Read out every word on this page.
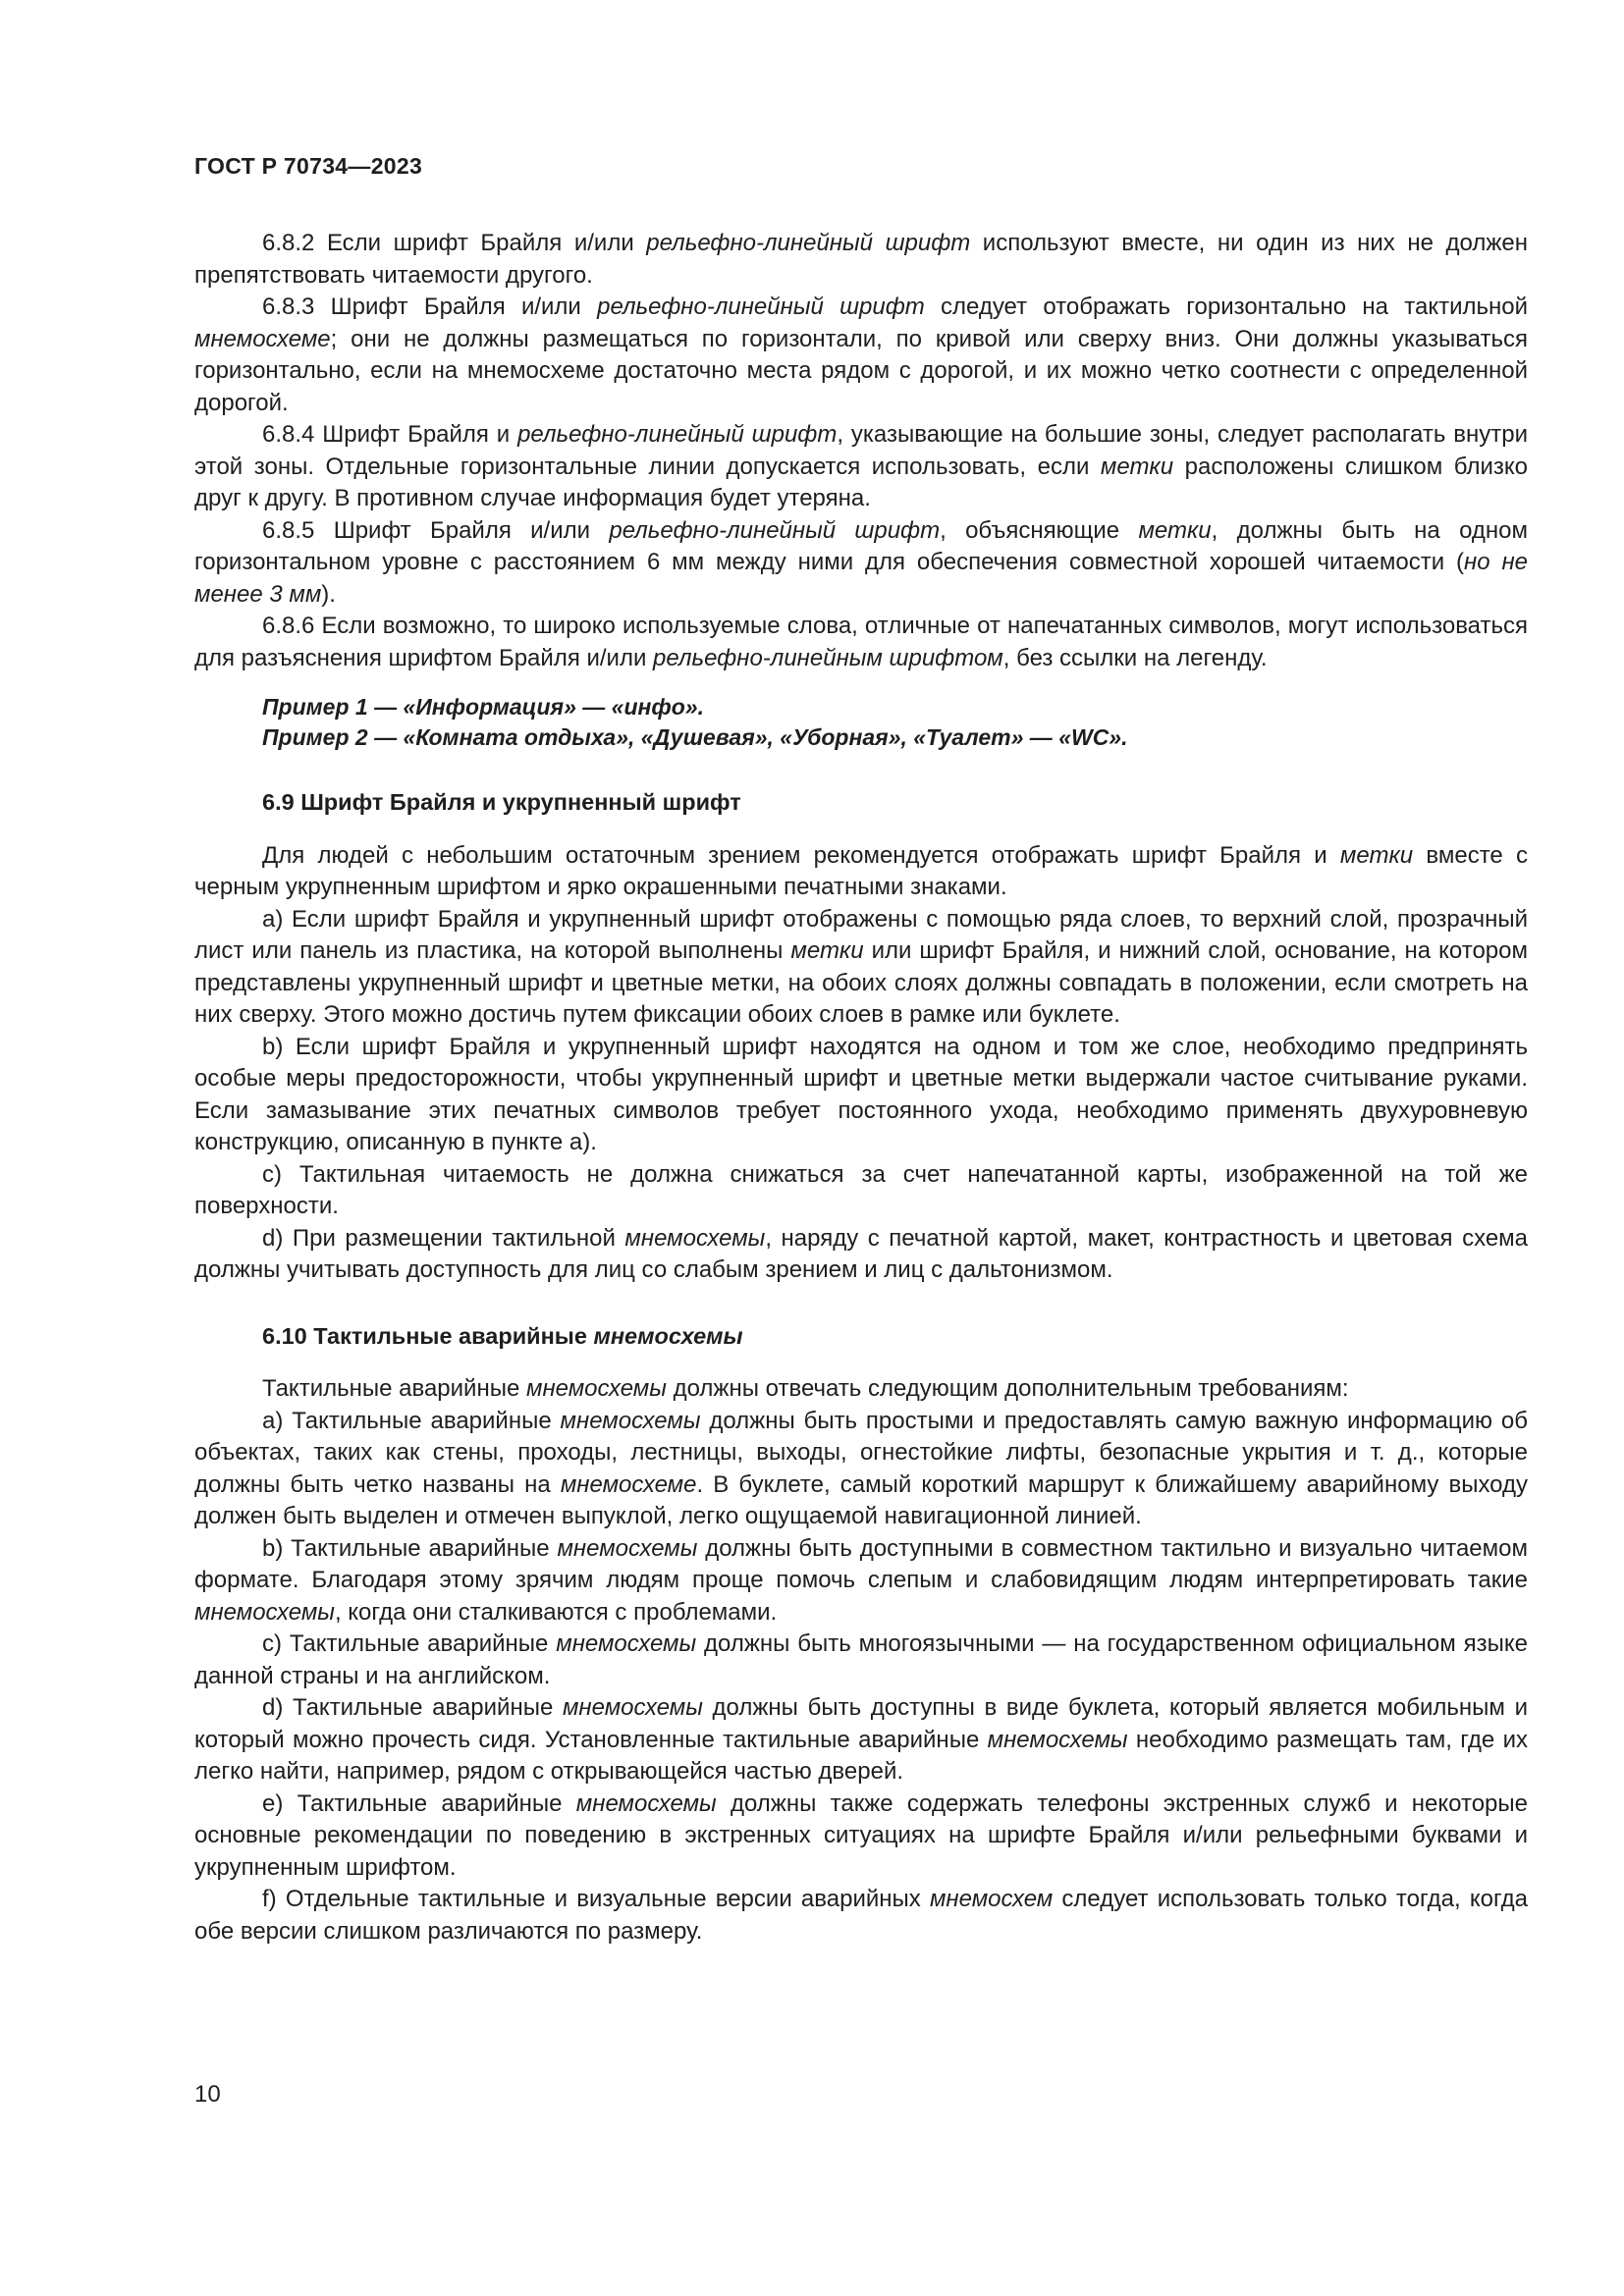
ГОСТ Р 70734—2023

6.8.2 Если шрифт Брайля и/или рельефно-линейный шрифт используют вместе, ни один из них не должен препятствовать читаемости другого.

6.8.3 Шрифт Брайля и/или рельефно-линейный шрифт следует отображать горизонтально на тактильной мнемосхеме; они не должны размещаться по горизонтали, по кривой или сверху вниз. Они должны указываться горизонтально, если на мнемосхеме достаточно места рядом с дорогой, и их можно четко соотнести с определенной дорогой.

6.8.4 Шрифт Брайля и рельефно-линейный шрифт, указывающие на большие зоны, следует располагать внутри этой зоны. Отдельные горизонтальные линии допускается использовать, если метки расположены слишком близко друг к другу. В противном случае информация будет утеряна.

6.8.5 Шрифт Брайля и/или рельефно-линейный шрифт, объясняющие метки, должны быть на одном горизонтальном уровне с расстоянием 6 мм между ними для обеспечения совместной хорошей читаемости (но не менее 3 мм).

6.8.6 Если возможно, то широко используемые слова, отличные от напечатанных символов, могут использоваться для разъяснения шрифтом Брайля и/или рельефно-линейным шрифтом, без ссылки на легенду.

Пример 1 — «Информация» — «инфо».
Пример 2 — «Комната отдыха», «Душевая», «Уборная», «Туалет» — «WC».
6.9 Шрифт Брайля и укрупненный шрифт

Для людей с небольшим остаточным зрением рекомендуется отображать шрифт Брайля и метки вместе с черным укрупненным шрифтом и ярко окрашенными печатными знаками.

a) Если шрифт Брайля и укрупненный шрифт отображены с помощью ряда слоев, то верхний слой, прозрачный лист или панель из пластика, на которой выполнены метки или шрифт Брайля, и нижний слой, основание, на котором представлены укрупненный шрифт и цветные метки, на обоих слоях должны совпадать в положении, если смотреть на них сверху. Этого можно достичь путем фиксации обоих слоев в рамке или буклете.

b) Если шрифт Брайля и укрупненный шрифт находятся на одном и том же слое, необходимо предпринять особые меры предосторожности, чтобы укрупненный шрифт и цветные метки выдержали частое считывание руками. Если замазывание этих печатных символов требует постоянного ухода, необходимо применять двухуровневую конструкцию, описанную в пункте а).

c) Тактильная читаемость не должна снижаться за счет напечатанной карты, изображенной на той же поверхности.

d) При размещении тактильной мнемосхемы, наряду с печатной картой, макет, контрастность и цветовая схема должны учитывать доступность для лиц со слабым зрением и лиц с дальтонизмом.

6.10 Тактильные аварийные мнемосхемы

Тактильные аварийные мнемосхемы должны отвечать следующим дополнительным требованиям:

a) Тактильные аварийные мнемосхемы должны быть простыми и предоставлять самую важную информацию об объектах, таких как стены, проходы, лестницы, выходы, огнестойкие лифты, безопасные укрытия и т. д., которые должны быть четко названы на мнемосхеме. В буклете, самый короткий маршрут к ближайшему аварийному выходу должен быть выделен и отмечен выпуклой, легко ощущаемой навигационной линией.

b) Тактильные аварийные мнемосхемы должны быть доступными в совместном тактильно и визуально читаемом формате. Благодаря этому зрячим людям проще помочь слепым и слабовидящим людям интерпретировать такие мнемосхемы, когда они сталкиваются с проблемами.

c) Тактильные аварийные мнемосхемы должны быть многоязычными — на государственном официальном языке данной страны и на английском.

d) Тактильные аварийные мнемосхемы должны быть доступны в виде буклета, который является мобильным и который можно прочесть сидя. Установленные тактильные аварийные мнемосхемы необходимо размещать там, где их легко найти, например, рядом с открывающейся частью дверей.

e) Тактильные аварийные мнемосхемы должны также содержать телефоны экстренных служб и некоторые основные рекомендации по поведению в экстренных ситуациях на шрифте Брайля и/или рельефными буквами и укрупненным шрифтом.

f) Отдельные тактильные и визуальные версии аварийных мнемосхем следует использовать только тогда, когда обе версии слишком различаются по размеру.

10
